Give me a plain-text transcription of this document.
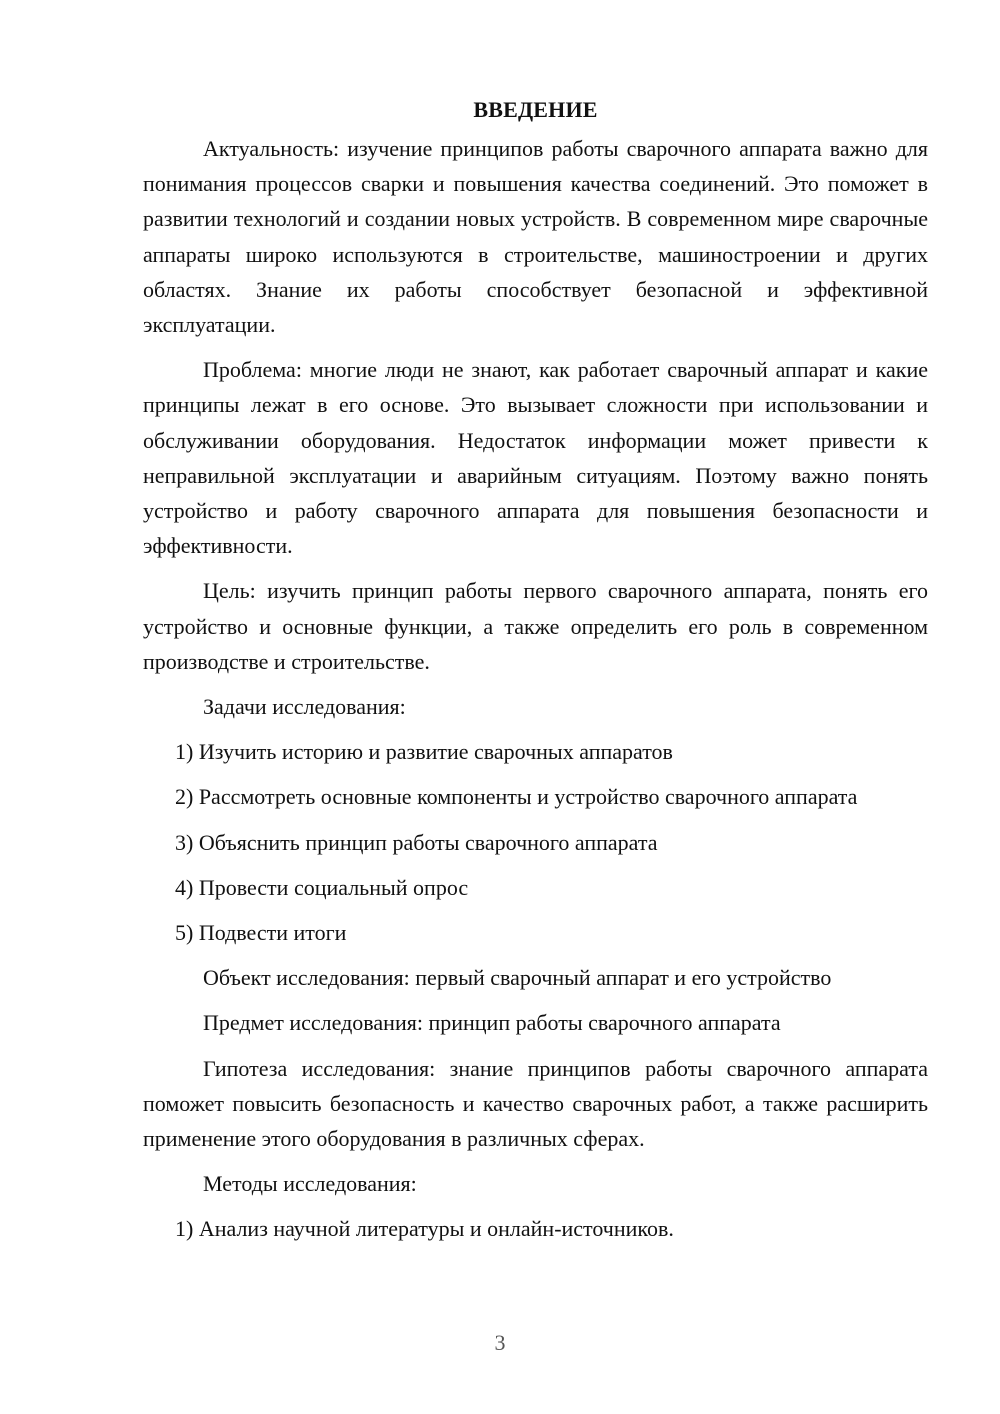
ВВЕДЕНИЕ

Актуальность: изучение принципов работы сварочного аппарата важно для понимания процессов сварки и повышения качества соединений. Это поможет в развитии технологий и создании новых устройств. В современном мире сварочные аппараты широко используются в строительстве, машиностроении и других областях. Знание их работы способствует безопасной и эффективной эксплуатации.

Проблема: многие люди не знают, как работает сварочный аппарат и какие принципы лежат в его основе. Это вызывает сложности при использовании и обслуживании оборудования. Недостаток информации может привести к неправильной эксплуатации и аварийным ситуациям. Поэтому важно понять устройство и работу сварочного аппарата для повышения безопасности и эффективности.

Цель: изучить принцип работы первого сварочного аппарата, понять его устройство и основные функции, а также определить его роль в современном производстве и строительстве.

Задачи исследования:

1) Изучить историю и развитие сварочных аппаратов

2) Рассмотреть основные компоненты и устройство сварочного аппарата

3) Объяснить принцип работы сварочного аппарата

4) Провести социальный опрос

5) Подвести итоги

Объект исследования: первый сварочный аппарат и его устройство

Предмет исследования: принцип работы сварочного аппарата

Гипотеза исследования: знание принципов работы сварочного аппарата поможет повысить безопасность и качество сварочных работ, а также расширить применение этого оборудования в различных сферах.

Методы исследования:

1) Анализ научной литературы и онлайн-источников.

3
